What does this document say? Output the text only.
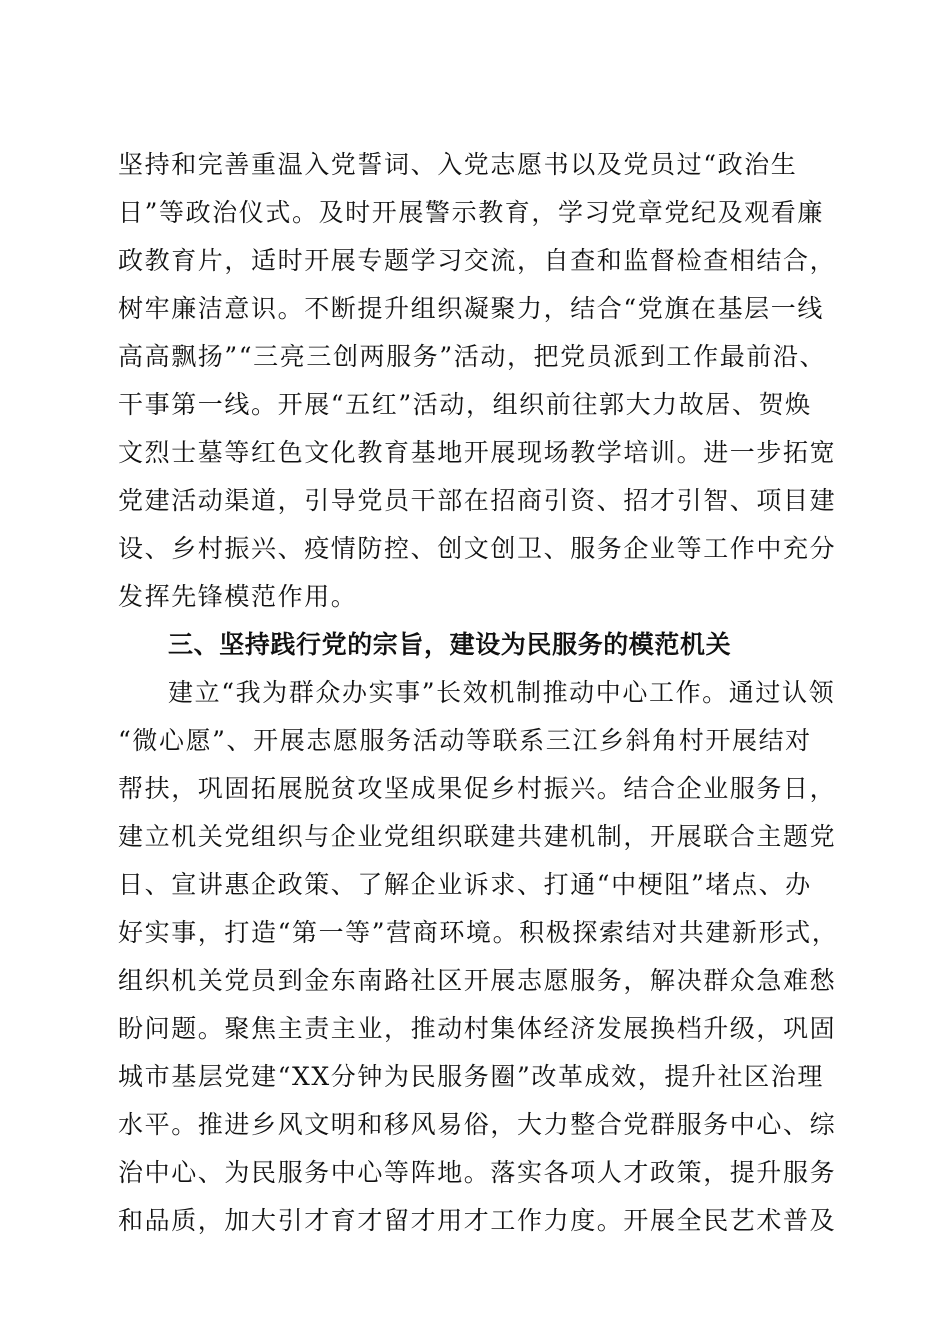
坚持和完善重温入党誓词、入党志愿书以及党员过“政治生
日”等政治仪式。及时开展警示教育，学习党章党纪及观看廉
政教育片，适时开展专题学习交流，自查和监督检查相结合，
树牢廉洁意识。不断提升组织凝聚力，结合“党旗在基层一线
高高飘扬”“三亮三创两服务”活动，把党员派到工作最前沿、
干事第一线。开展“五红”活动，组织前往郭大力故居、贺焕
文烈士墓等红色文化教育基地开展现场教学培训。进一步拓宽
党建活动渠道，引导党员干部在招商引资、招才引智、项目建
设、乡村振兴、疫情防控、创文创卫、服务企业等工作中充分
发挥先锋模范作用。
三、坚持践行党的宗旨，建设为民服务的模范机关
建立“我为群众办实事”长效机制推动中心工作。通过认领
“微心愿”、开展志愿服务活动等联系三江乡斜角村开展结对
帮扶，巩固拓展脱贫攻坚成果促乡村振兴。结合企业服务日，
建立机关党组织与企业党组织联建共建机制，开展联合主题党
日、宣讲惠企政策、了解企业诉求、打通“中梗阻”堵点、办
好实事，打造“第一等”营商环境。积极探索结对共建新形式，
组织机关党员到金东南路社区开展志愿服务，解决群众急难愁
盼问题。聚焦主责主业，推动村集体经济发展换档升级，巩固
城市基层党建“XX分钟为民服务圈”改革成效，提升社区治理
水平。推进乡风文明和移风易俗，大力整合党群服务中心、综
治中心、为民服务中心等阵地。落实各项人才政策，提升服务
和品质，加大引才育才留才用才工作力度。开展全民艺术普及
